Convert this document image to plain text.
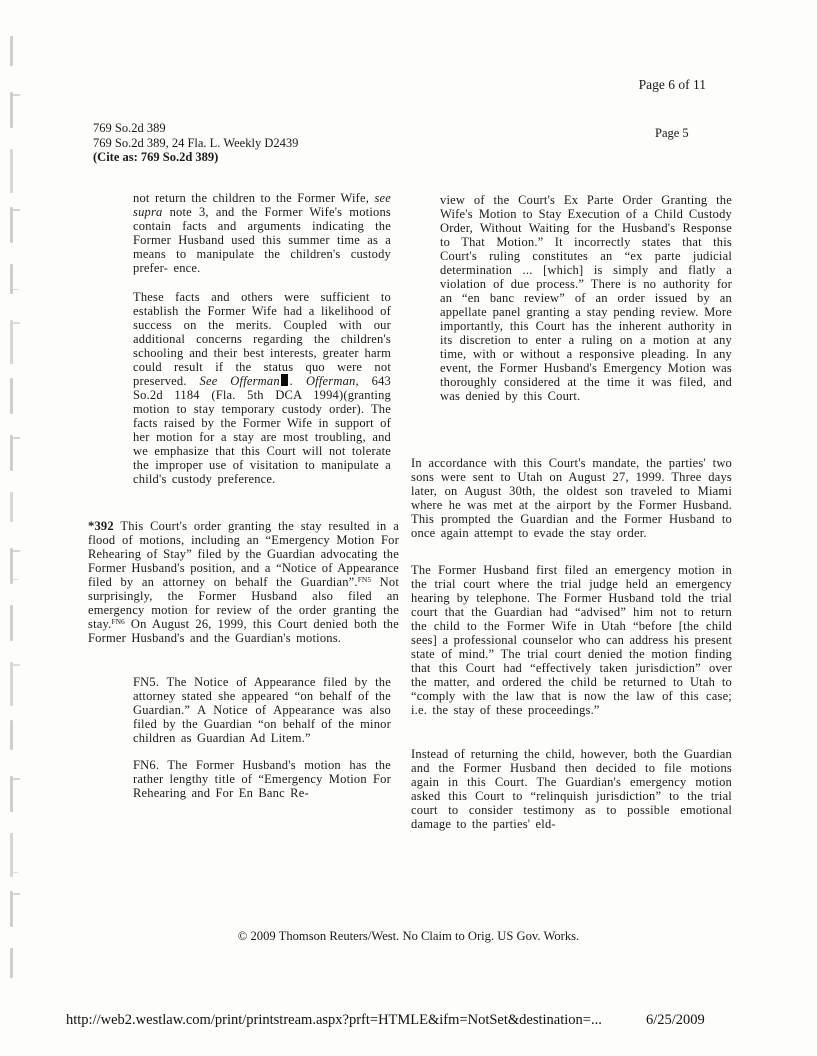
Page 6 of 11
769 So.2d 389
769 So.2d 389, 24 Fla. L. Weekly D2439
(Cite as: 769 So.2d 389)
Page 5

not return the children to the Former Wife, see supra note 3, and the Former Wife's motions contain facts and arguments indicating the Former Husband used this summer time as a means to manipulate the children's custody prefer- ence.

These facts and others were sufficient to establish the Former Wife had a likelihood of success on the merits. Coupled with our additional concerns regarding the children's schooling and their best interests, greater harm could result if the status quo were not preserved. See Offerman . Offerman, 643 So.2d 1184 (Fla. 5th DCA 1994)(granting motion to stay temporary custody order). The facts raised by the Former Wife in support of her motion for a stay are most troubling, and we emphasize that this Court will not tolerate the improper use of visitation to manipulate a child's custody preference.

*392 This Court's order granting the stay resulted in a flood of motions, including an “Emergency Motion For Rehearing of Stay” filed by the Guardian advocating the Former Husband's position, and a “Notice of Appearance filed by an attorney on behalf the Guardian”.$^{FN5}$ Not surprisingly, the Former Husband also filed an emergency motion for review of the order granting the stay.$^{FN6}$ On August 26, 1999, this Court denied both the Former Husband's and the Guardian's motions.

FN5. The Notice of Appearance filed by the attorney stated she appeared “on behalf of the Guardian.” A Notice of Appearance was also filed by the Guardian “on behalf of the minor children as Guardian Ad Litem.”

FN6. The Former Husband's motion has the rather lengthy title of “Emergency Motion For Rehearing and For En Banc Re-

view of the Court's Ex Parte Order Granting the Wife's Motion to Stay Execution of a Child Custody Order, Without Waiting for the Husband's Response to That Motion.” It incorrectly states that this Court's ruling constitutes an “ex parte judicial determination ... [which] is simply and flatly a violation of due process.” There is no authority for an “en banc review” of an order issued by an appellate panel granting a stay pending review. More importantly, this Court has the inherent authority in its discretion to enter a ruling on a motion at any time, with or without a responsive pleading. In any event, the Former Husband's Emergency Motion was thoroughly considered at the time it was filed, and was denied by this Court.

In accordance with this Court's mandate, the parties' two sons were sent to Utah on August 27, 1999. Three days later, on August 30th, the oldest son traveled to Miami where he was met at the airport by the Former Husband. This prompted the Guardian and the Former Husband to once again attempt to evade the stay order.

The Former Husband first filed an emergency motion in the trial court where the trial judge held an emergency hearing by telephone. The Former Husband told the trial court that the Guardian had “advised” him not to return the child to the Former Wife in Utah “before [the child sees] a professional counselor who can address his present state of mind.” The trial court denied the motion finding that this Court had “effectively taken jurisdiction” over the matter, and ordered the child be returned to Utah to “comply with the law that is now the law of this case; i.e. the stay of these proceedings.”

Instead of returning the child, however, both the Guardian and the Former Husband then decided to file motions again in this Court. The Guardian's emergency motion asked this Court to “relinquish jurisdiction” to the trial court to consider testimony as to possible emotional damage to the parties' eld-

© 2009 Thomson Reuters/West. No Claim to Orig. US Gov. Works.
http://web2.westlaw.com/print/printstream.aspx?prft=HTMLE&ifm=NotSet&destination=...	6/25/2009
